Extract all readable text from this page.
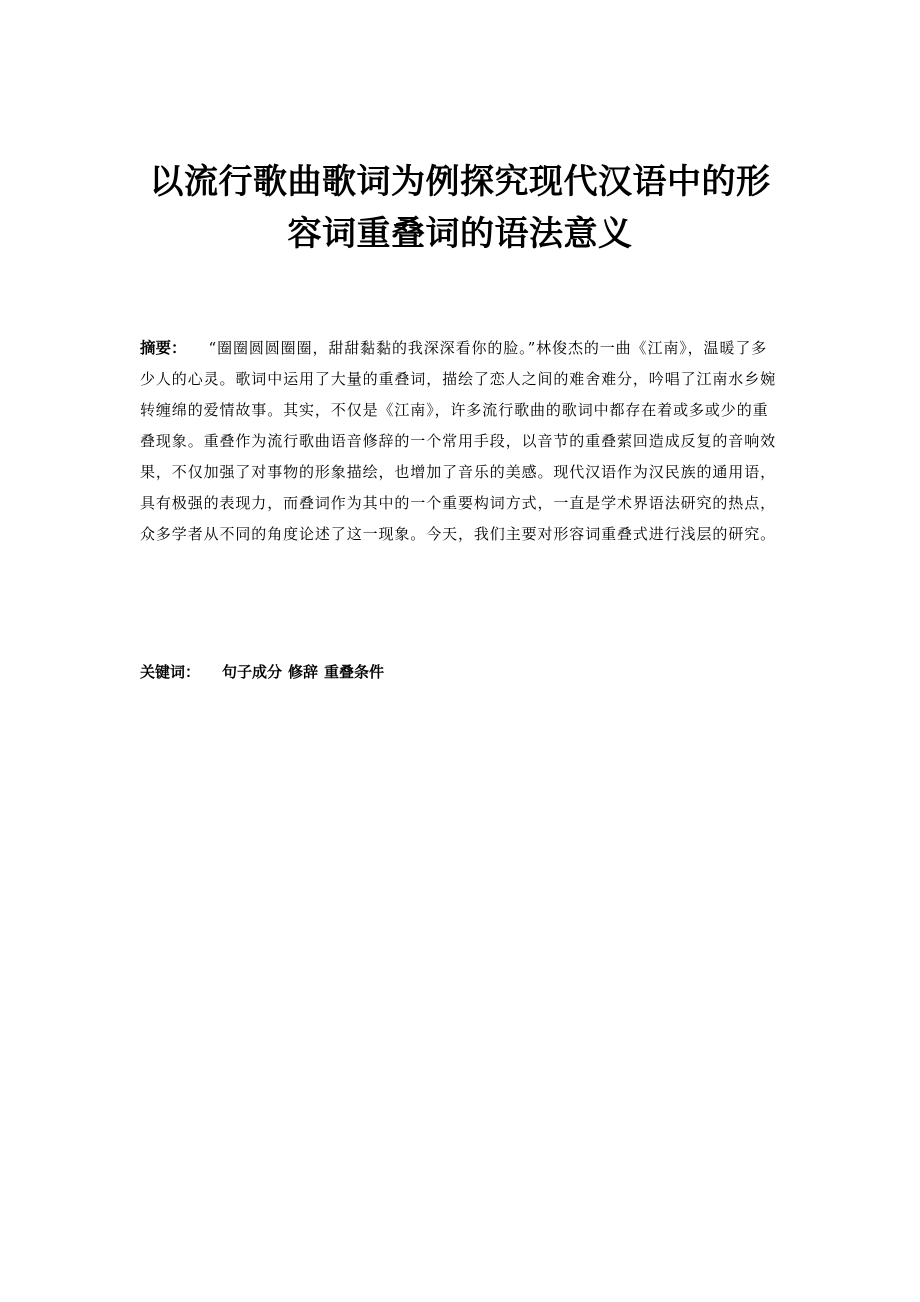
以流行歌曲歌词为例探究现代汉语中的形
容词重叠词的语法意义
摘要： “圈圈圆圆圈圈，甜甜黏黏的我深深看你的脸。”林俊杰的一曲《江南》，温暖了多
少人的心灵。歌词中运用了大量的重叠词，描绘了恋人之间的难舍难分，吟唱了江南水乡婉
转缠绵的爱情故事。其实，不仅是《江南》，许多流行歌曲的歌词中都存在着或多或少的重
叠现象。重叠作为流行歌曲语音修辞的一个常用手段，以音节的重叠萦回造成反复的音响效
果，不仅加强了对事物的形象描绘，也增加了音乐的美感。现代汉语作为汉民族的通用语，
具有极强的表现力，而叠词作为其中的一个重要构词方式，一直是学术界语法研究的热点，
众多学者从不同的角度论述了这一现象。今天，我们主要对形容词重叠式进行浅层的研究。
关键词： 句子成分 修辞 重叠条件
